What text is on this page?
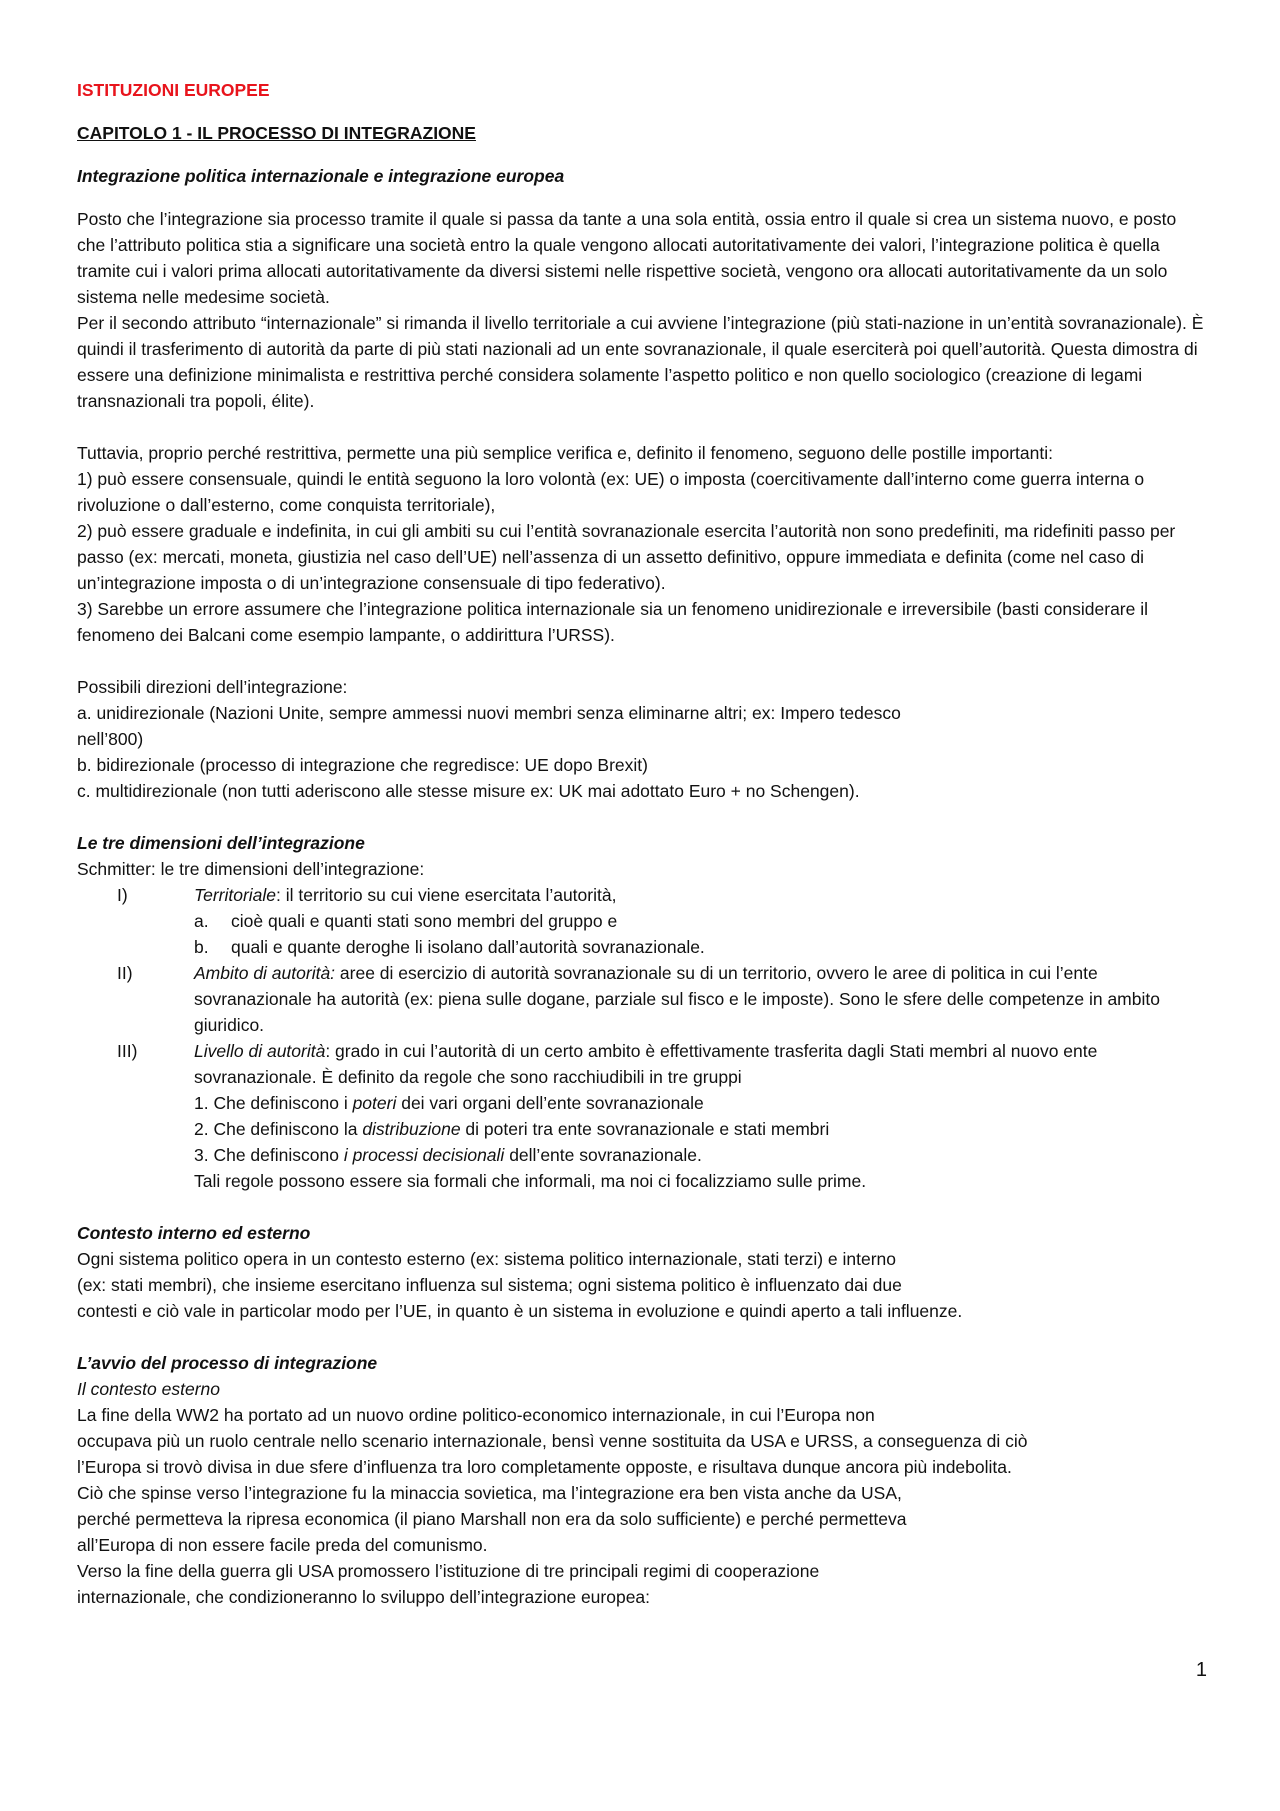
ISTITUZIONI EUROPEE

CAPITOLO 1 - IL PROCESSO DI INTEGRAZIONE

Integrazione politica internazionale e integrazione europea

Posto che l’integrazione sia processo tramite il quale si passa da tante a una sola entità, ossia entro il quale si crea un sistema nuovo, e posto che l’attributo politica stia a significare una società entro la quale vengono allocati autoritativamente dei valori, l’integrazione politica è quella tramite cui i valori prima allocati autoritativamente da diversi sistemi nelle rispettive società, vengono ora allocati autoritativamente da un solo sistema nelle medesime società.

Per il secondo attributo “internazionale” si rimanda il livello territoriale a cui avviene l’integrazione (più stati-nazione in un’entità sovranazionale). È quindi il trasferimento di autorità da parte di più stati nazionali ad un ente sovranazionale, il quale eserciterà poi quell’autorità. Questa dimostra di essere una definizione minimalista e restrittiva perché considera solamente l’aspetto politico e non quello sociologico (creazione di legami transnazionali tra popoli, élite).

Tuttavia, proprio perché restrittiva, permette una più semplice verifica e, definito il fenomeno, seguono delle postille importanti:

1) può essere consensuale, quindi le entità seguono la loro volontà (ex: UE) o imposta (coercitivamente dall’interno come guerra interna o rivoluzione o dall’esterno, come conquista territoriale),

2) può essere graduale e indefinita, in cui gli ambiti su cui l’entità sovranazionale esercita l’autorità non sono predefiniti, ma ridefiniti passo per passo (ex: mercati, moneta, giustizia nel caso dell’UE) nell’assenza di un assetto definitivo, oppure immediata e definita (come nel caso di un’integrazione imposta o di un’integrazione consensuale di tipo federativo).

3) Sarebbe un errore assumere che l’integrazione politica internazionale sia un fenomeno unidirezionale e irreversibile (basti considerare il fenomeno dei Balcani come esempio lampante, o addirittura l’URSS).

Possibili direzioni dell’integrazione:

a. unidirezionale (Nazioni Unite, sempre ammessi nuovi membri senza eliminarne altri; ex: Impero tedesco

nell’800)

b. bidirezionale (processo di integrazione che regredisce: UE dopo Brexit)

c. multidirezionale (non tutti aderiscono alle stesse misure ex: UK mai adottato Euro + no Schengen).

Le tre dimensioni dell’integrazione

Schmitter: le tre dimensioni dell’integrazione:

I)	Territoriale: il territorio su cui viene esercitata l’autorità,

a.	cioè quali e quanti stati sono membri del gruppo e
b.	quali e quante deroghe li isolano dall’autorità sovranazionale.
II)	Ambito di autorità: aree di esercizio di autorità sovranazionale su di un territorio, ovvero le aree di politica in cui l’ente sovranazionale ha autorità (ex: piena sulle dogane, parziale sul fisco e le imposte). Sono le sfere delle competenze in ambito giuridico.

III)	Livello di autorità: grado in cui l’autorità di un certo ambito è effettivamente trasferita dagli Stati membri al nuovo ente sovranazionale. È definito da regole che sono racchiudibili in tre gruppi

1. Che definiscono i poteri dei vari organi dell’ente sovranazionale

2. Che definiscono la distribuzione di poteri tra ente sovranazionale e stati membri

3. Che definiscono i processi decisionali dell’ente sovranazionale.

Tali regole possono essere sia formali che informali, ma noi ci focalizziamo sulle prime.

Contesto interno ed esterno

Ogni sistema politico opera in un contesto esterno (ex: sistema politico internazionale, stati terzi) e interno

(ex: stati membri), che insieme esercitano influenza sul sistema; ogni sistema politico è influenzato dai due

contesti e ciò vale in particolar modo per l’UE, in quanto è un sistema in evoluzione e quindi aperto a tali influenze.

L’avvio del processo di integrazione

Il contesto esterno

La fine della WW2 ha portato ad un nuovo ordine politico-economico internazionale, in cui l’Europa non

occupava più un ruolo centrale nello scenario internazionale, bensì venne sostituita da USA e URSS, a conseguenza di ciò

l’Europa si trovò divisa in due sfere d’influenza tra loro completamente opposte, e risultava dunque ancora più indebolita.

Ciò che spinse verso l’integrazione fu la minaccia sovietica, ma l’integrazione era ben vista anche da USA,

perché permetteva la ripresa economica (il piano Marshall non era da solo sufficiente) e perché permetteva

all’Europa di non essere facile preda del comunismo.

Verso la fine della guerra gli USA promossero l’istituzione di tre principali regimi di cooperazione

internazionale, che condizioneranno lo sviluppo dell’integrazione europea:

1
